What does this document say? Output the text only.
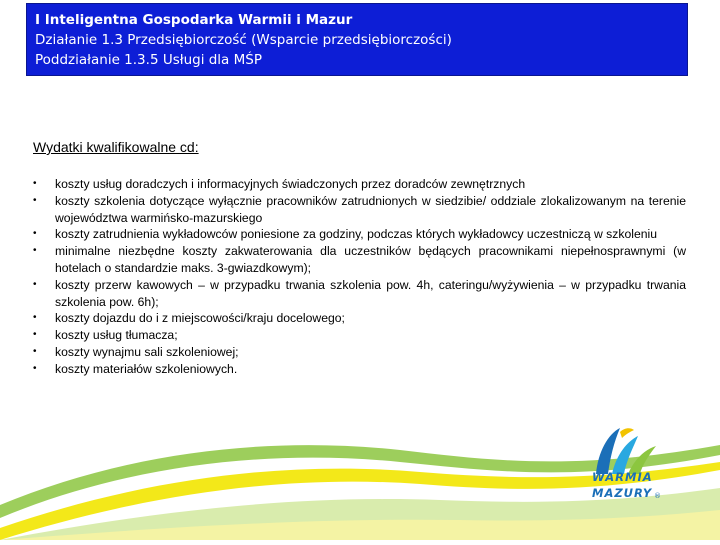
I Inteligentna Gospodarka Warmii i Mazur
Działanie 1.3 Przedsiębiorczość (Wsparcie przedsiębiorczości)
Poddziałanie 1.3.5 Usługi dla MŚP
Wydatki kwalifikowalne cd:
• koszty usług doradczych i informacyjnych świadczonych przez doradców zewnętrznych
• koszty szkolenia dotyczące wyłącznie pracowników zatrudnionych w siedzibie/ oddziale zlokalizowanym na terenie województwa warmińsko-mazurskiego
• koszty zatrudnienia wykładowców poniesione za godziny, podczas których wykładowcy uczestniczą w szkoleniu
• minimalne niezbędne koszty zakwaterowania dla uczestników będących pracownikami niepełnosprawnymi (w hotelach o standardzie maks. 3-gwiazdkowym);
• koszty przerw kawowych – w przypadku trwania szkolenia pow. 4h, cateringu/wyżywienia – w przypadku trwania szkolenia pow. 6h);
• koszty dojazdu do i z miejscowości/kraju docelowego;
• koszty usług tłumacza;
• koszty wynajmu sali szkoleniowej;
• koszty materiałów szkoleniowych.
WARMIA
MAZURY ®
